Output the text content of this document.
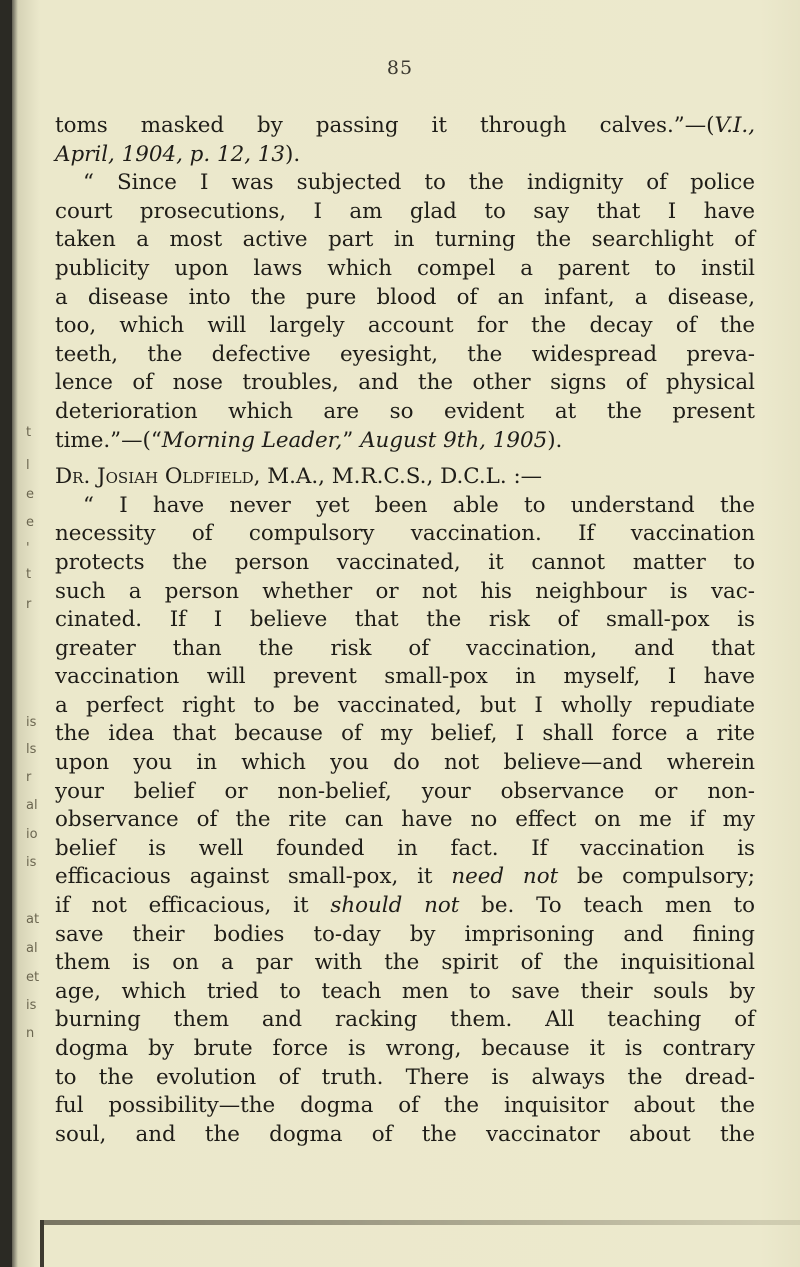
t
l
e
e
'
t
r
is
ls
r
al
io
is
at
al
et
is
n
85

toms masked by passing it through calves.”—(V.I.,
April, 1904, p. 12, 13).

“ Since I was subjected to the indignity of police

court prosecutions, I am glad to say that I have
taken a most active part in turning the searchlight of
publicity upon laws which compel a parent to instil
a disease into the pure blood of an infant, a disease,
too, which will largely account for the decay of the
teeth, the defective eyesight, the widespread preva-
lence of nose troubles, and the other signs of physical
deterioration which are so evident at the present
time.”—(“Morning Leader,” August 9th, 1905).

Dr. Josiah Oldfield, M.A., M.R.C.S., D.C.L. :—

“ I have never yet been able to understand the

necessity of compulsory vaccination. If vaccination
protects the person vaccinated, it cannot matter to
such a person whether or not his neighbour is vac-
cinated. If I believe that the risk of small-pox is
greater than the risk of vaccination, and that
vaccination will prevent small-pox in myself, I have
a perfect right to be vaccinated, but I wholly repudiate
the idea that because of my belief, I shall force a rite
upon you in which you do not believe—and wherein
your belief or non-belief, your observance or non-
observance of the rite can have no effect on me if my
belief is well founded in fact. If vaccination is
efficacious against small-pox, it need not be compulsory;
if not efficacious, it should not be. To teach men to
save their bodies to-day by imprisoning and fining
them is on a par with the spirit of the inquisitional
age, which tried to teach men to save their souls by
burning them and racking them. All teaching of
dogma by brute force is wrong, because it is contrary
to the evolution of truth. There is always the dread-
ful possibility—the dogma of the inquisitor about the
soul, and the dogma of the vaccinator about the
